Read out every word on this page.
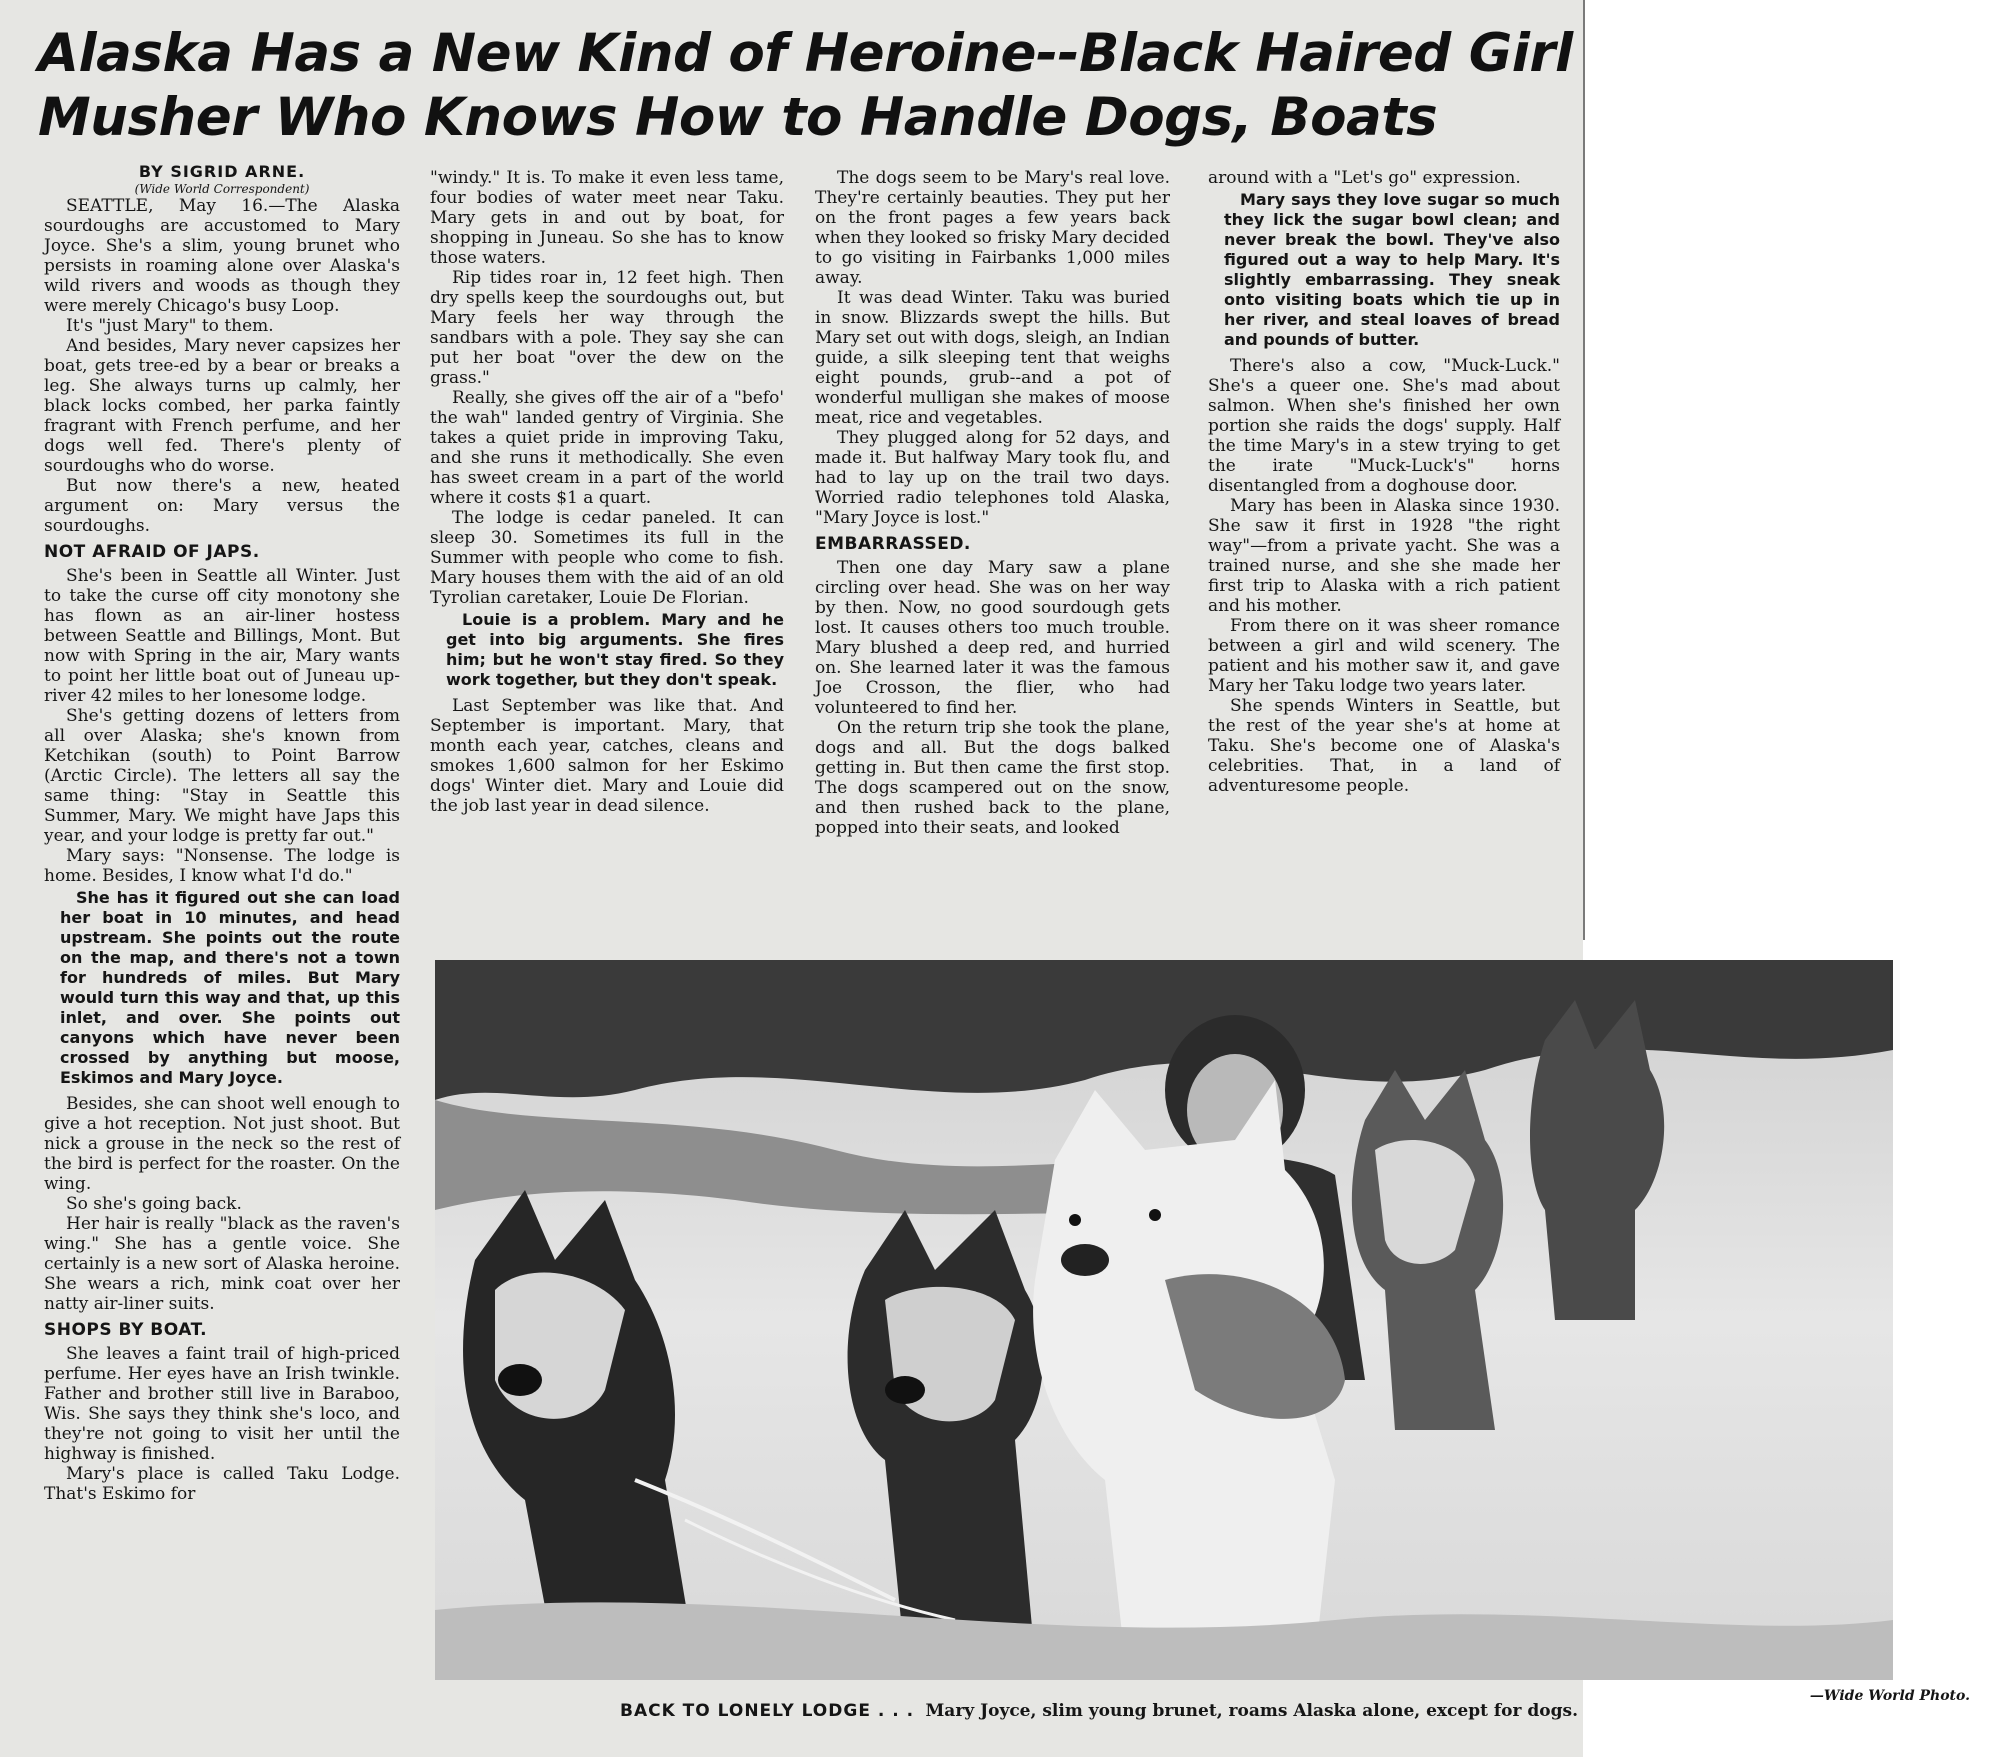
Alaska Has a New Kind of Heroine--Black Haired Girl Musher Who Knows How to Handle Dogs, Boats
BY SIGRID ARNE.
(Wide World Correspondent)

SEATTLE, May 16.—The Alaska sourdoughs are accustomed to Mary Joyce. She's a slim, young brunet who persists in roaming alone over Alaska's wild rivers and woods as though they were merely Chicago's busy Loop.

It's "just Mary" to them.

And besides, Mary never capsizes her boat, gets tree-ed by a bear or breaks a leg. She always turns up calmly, her black locks combed, her parka faintly fragrant with French perfume, and her dogs well fed. There's plenty of sourdoughs who do worse.

But now there's a new, heated argument on: Mary versus the sourdoughs.

NOT AFRAID OF JAPS.

She's been in Seattle all Winter. Just to take the curse off city monotony she has flown as an air-liner hostess between Seattle and Billings, Mont. But now with Spring in the air, Mary wants to point her little boat out of Juneau up-river 42 miles to her lonesome lodge.

She's getting dozens of letters from all over Alaska; she's known from Ketchikan (south) to Point Barrow (Arctic Circle). The letters all say the same thing: "Stay in Seattle this Summer, Mary. We might have Japs this year, and your lodge is pretty far out."

Mary says: "Nonsense. The lodge is home. Besides, I know what I'd do."

She has it figured out she can load her boat in 10 minutes, and head upstream. She points out the route on the map, and there's not a town for hundreds of miles. But Mary would turn this way and that, up this inlet, and over. She points out canyons which have never been crossed by anything but moose, Eskimos and Mary Joyce.

Besides, she can shoot well enough to give a hot reception. Not just shoot. But nick a grouse in the neck so the rest of the bird is perfect for the roaster. On the wing.

So she's going back.

Her hair is really "black as the raven's wing." She has a gentle voice. She certainly is a new sort of Alaska heroine. She wears a rich, mink coat over her natty air-liner suits.

SHOPS BY BOAT.

She leaves a faint trail of high-priced perfume. Her eyes have an Irish twinkle. Father and brother still live in Baraboo, Wis. She says they think she's loco, and they're not going to visit her until the highway is finished.

Mary's place is called Taku Lodge. That's Eskimo for

"windy." It is. To make it even less tame, four bodies of water meet near Taku. Mary gets in and out by boat, for shopping in Juneau. So she has to know those waters.

Rip tides roar in, 12 feet high. Then dry spells keep the sourdoughs out, but Mary feels her way through the sandbars with a pole. They say she can put her boat "over the dew on the grass."

Really, she gives off the air of a "befo' the wah" landed gentry of Virginia. She takes a quiet pride in improving Taku, and she runs it methodically. She even has sweet cream in a part of the world where it costs $1 a quart.

The lodge is cedar paneled. It can sleep 30. Sometimes its full in the Summer with people who come to fish. Mary houses them with the aid of an old Tyrolian caretaker, Louie De Florian.

Louie is a problem. Mary and he get into big arguments. She fires him; but he won't stay fired. So they work together, but they don't speak.

Last September was like that. And September is important. Mary, that month each year, catches, cleans and smokes 1,600 salmon for her Eskimo dogs' Winter diet. Mary and Louie did the job last year in dead silence.

The dogs seem to be Mary's real love. They're certainly beauties. They put her on the front pages a few years back when they looked so frisky Mary decided to go visiting in Fairbanks 1,000 miles away.

It was dead Winter. Taku was buried in snow. Blizzards swept the hills. But Mary set out with dogs, sleigh, an Indian guide, a silk sleeping tent that weighs eight pounds, grub--and a pot of wonderful mulligan she makes of moose meat, rice and vegetables.

They plugged along for 52 days, and made it. But halfway Mary took flu, and had to lay up on the trail two days. Worried radio telephones told Alaska, "Mary Joyce is lost."

EMBARRASSED.

Then one day Mary saw a plane circling over head. She was on her way by then. Now, no good sourdough gets lost. It causes others too much trouble. Mary blushed a deep red, and hurried on. She learned later it was the famous Joe Crosson, the flier, who had volunteered to find her.

On the return trip she took the plane, dogs and all. But the dogs balked getting in. But then came the first stop. The dogs scampered out on the snow, and then rushed back to the plane, popped into their seats, and looked

around with a "Let's go" expression.

Mary says they love sugar so much they lick the sugar bowl clean; and never break the bowl. They've also figured out a way to help Mary. It's slightly embarrassing. They sneak onto visiting boats which tie up in her river, and steal loaves of bread and pounds of butter.

There's also a cow, "Muck-Luck." She's a queer one. She's mad about salmon. When she's finished her own portion she raids the dogs' supply. Half the time Mary's in a stew trying to get the irate "Muck-Luck's" horns disentangled from a doghouse door.

Mary has been in Alaska since 1930. She saw it first in 1928 "the right way"—from a private yacht. She was a trained nurse, and she she made her first trip to Alaska with a rich patient and his mother.

From there on it was sheer romance between a girl and wild scenery. The patient and his mother saw it, and gave Mary her Taku lodge two years later.

She spends Winters in Seattle, but the rest of the year she's at home at Taku. She's become one of Alaska's celebrities. That, in a land of adventuresome people.

—Wide World Photo.
BACK TO LONELY LODGE . . . Mary Joyce, slim young brunet, roams Alaska alone, except for dogs.
